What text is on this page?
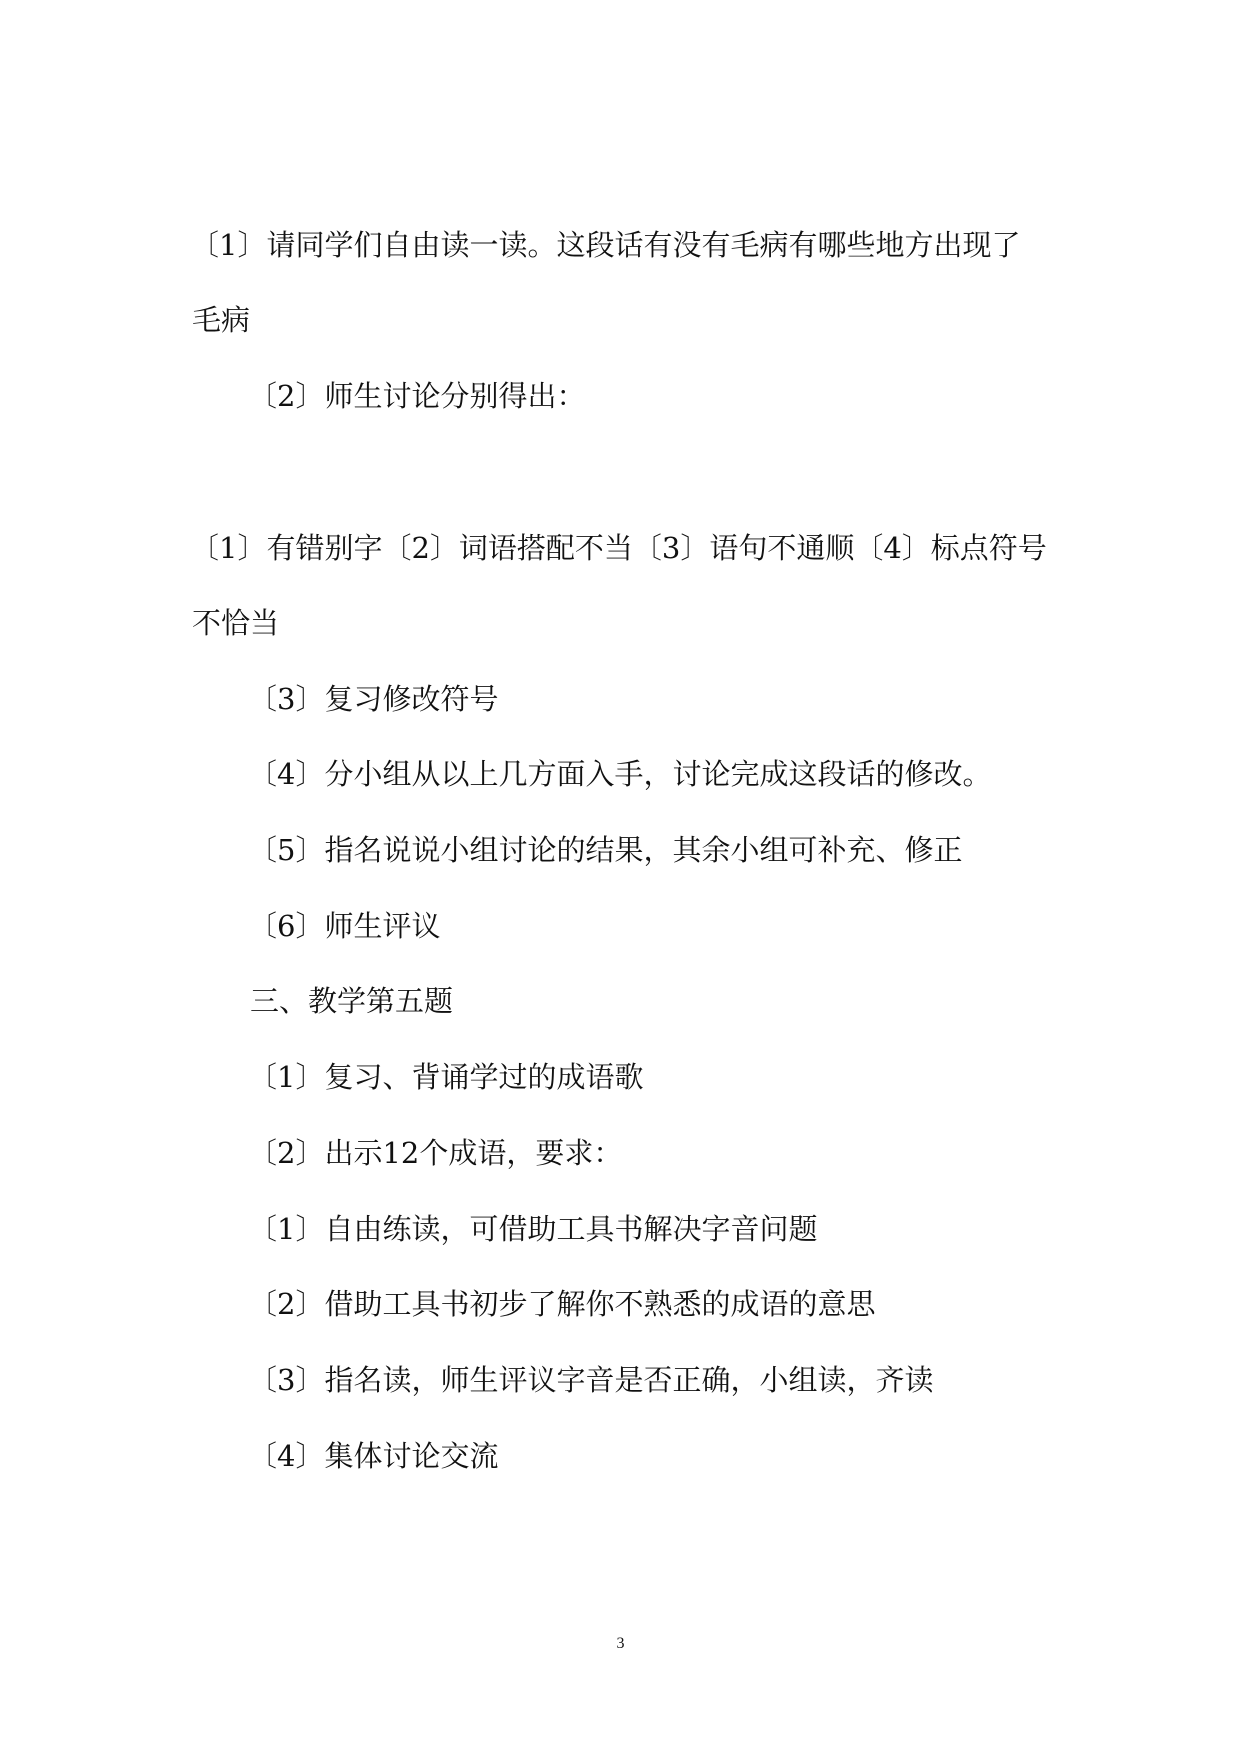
〔1〕请同学们自由读一读。这段话有没有毛病有哪些地方出现了
毛病
〔2〕师生讨论分别得出：
〔1〕有错别字〔2〕词语搭配不当〔3〕语句不通顺〔4〕标点符号
不恰当
〔3〕复习修改符号
〔4〕分小组从以上几方面入手，讨论完成这段话的修改。
〔5〕指名说说小组讨论的结果，其余小组可补充、修正
〔6〕师生评议
三、教学第五题
〔1〕复习、背诵学过的成语歌
〔2〕出示12个成语，要求：
〔1〕自由练读，可借助工具书解决字音问题
〔2〕借助工具书初步了解你不熟悉的成语的意思
〔3〕指名读，师生评议字音是否正确，小组读，齐读
〔4〕集体讨论交流
3
